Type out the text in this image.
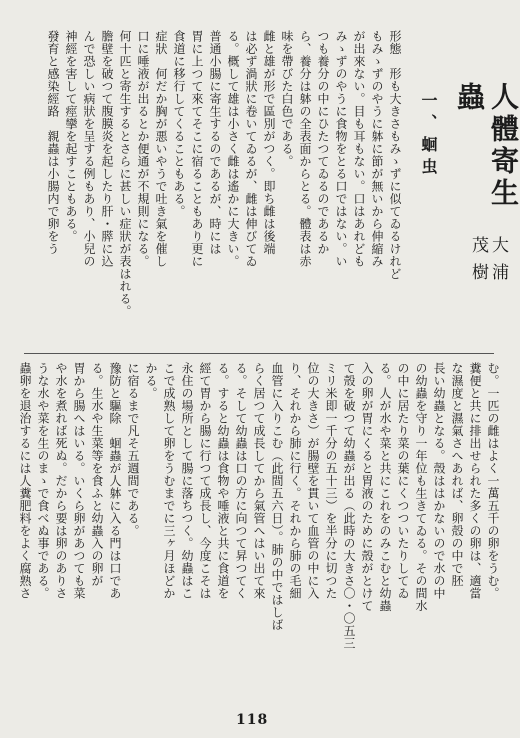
人體寄生蟲
大浦 茂樹
一、蛔虫
形態　形も大きさもみゝずに似てゐるけれど
もみゝずのやうに躰に節が無いから伸縮み
が出來ない。目も耳もない。口はあれども
みゝずのやうに食物をとる口ではない。い
つも養分の中にひたつてゐるのであるか
ら、養分は躰の全表面からとる。體表は赤
味を帶びた白色である。
雌と雄が形で區別がつく。即ち雌は後端
は必ず渦狀に卷いてゐるが、雌は伸びてゐ
る。概して雄は小さく雌は遙かに大きい。
普通小腸に寄生するのであるが、時には
胃に上つて來てそこに宿ることもあり更に
食道に移行してくることもある。
症狀　何だか胸が悪いやうで吐き氣を催し
口に唾液が出るとか便通が不規則になる。
何十匹と寄生するとさらに甚しい症狀が表はれる。
膽壁を破つて腹膜炎を起したり肝・膵に込
んで恐しい病狀を呈する例もあり、小兒の
神經を害して痙攣を起すこともある。
發育と感染經路　親蟲は小腸内で卵をう
む。一匹の雌はよく一萬五千の卵をうむ。
糞便と共に排出せられた多くの卵は、適當
な濕度と濕氣さへあれば、卵殻の中で胚
長い幼蟲となる。殼ははかないので水の中
の幼蟲を守り一年位も生きてゐる。その間水
の中に居たり菜の葉にくつついたりしてゐ
る。人が水や菜と共にこれをのみこむと幼蟲
入の卵が胃にくると胃液のために殼がとけて
て殼を破つて幼蟲が出る（此時の大きさ〇・〇五三
ミリ米即一千分の五十三）を半分に切つた
位の大きさ）が腸壁を貫いて血管の中に入
り、それから肺に行く。それから肺の毛細
血管に入りこむ（此間五六日）。肺の中ではしば
らく居つて成長してから氣管へはい出て來
る。そして幼蟲は口の方に向つて昇つてく
る。すると幼蟲は食物や唾液と共に食道を
經て胃から腸に行つて成長し、今度こそは
永住の場所として腸に落ちつく。幼蟲はこ
こで成熟して卵をうむまでに三ヶ月ほどか
かる。
に宿るまで凡そ五週間である。
豫防と驅除　蛔蟲が人躰に入る門は口であ
る。生水や生菜等を食ふと幼蟲入の卵が
胃から腸へはいる。いくら卵があつても菜
や水を煮れば死ぬ。だから要は卵のありさ
うな水や菜を生のまゝで食べぬ事である。
蟲卵を退治するには人糞肥料をよく腐熟さ
118
